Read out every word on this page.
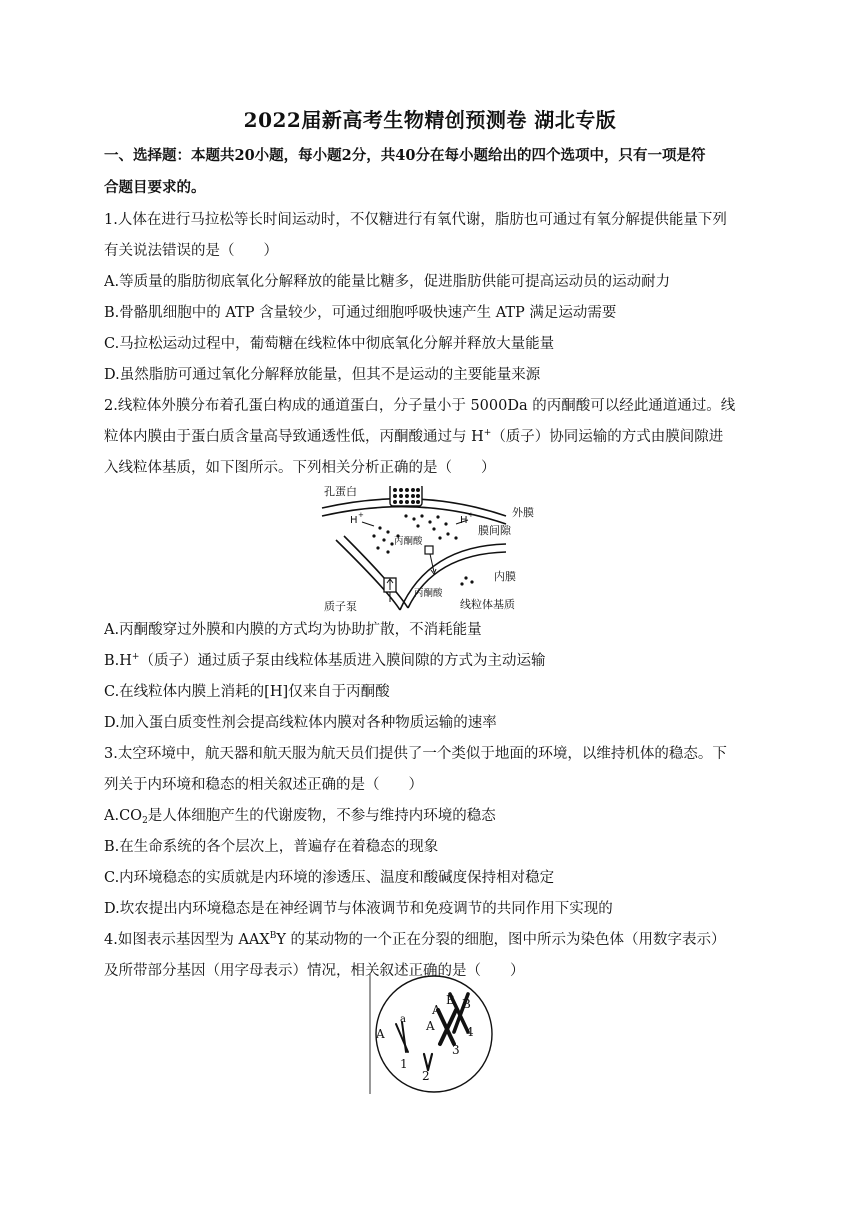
2022届新高考生物精创预测卷 湖北专版
一、选择题：本题共20小题，每小题2分，共40分在每小题给出的四个选项中，只有一项是符
合题目要求的。
1.人体在进行马拉松等长时间运动时，不仅糖进行有氧代谢，脂肪也可通过有氧分解提供能量下列
有关说法错误的是（　　）
A.等质量的脂肪彻底氧化分解释放的能量比糖多，促进脂肪供能可提高运动员的运动耐力
B.骨骼肌细胞中的 ATP 含量较少，可通过细胞呼吸快速产生 ATP 满足运动需要
C.马拉松运动过程中，葡萄糖在线粒体中彻底氧化分解并释放大量能量
D.虽然脂肪可通过氧化分解释放能量，但其不是运动的主要能量来源
2.线粒体外膜分布着孔蛋白构成的通道蛋白，分子量小于 5000Da 的丙酮酸可以经此通道通过。线
粒体内膜由于蛋白质含量高导致通透性低，丙酮酸通过与 H+（质子）协同运输的方式由膜间隙进
入线粒体基质，如下图所示。下列相关分析正确的是（　　）
孔蛋白
外膜
膜间隙
内膜
线粒体基质
质子泵
丙酮酸
丙酮酸
H +	H +
A.丙酮酸穿过外膜和内膜的方式均为协助扩散，不消耗能量
B.H+（质子）通过质子泵由线粒体基质进入膜间隙的方式为主动运输
C.在线粒体内膜上消耗的[H]仅来自于丙酮酸
D.加入蛋白质变性剂会提高线粒体内膜对各种物质运输的速率
3.太空环境中，航天器和航天服为航天员们提供了一个类似于地面的环境，以维持机体的稳态。下
列关于内环境和稳态的相关叙述正确的是（　　）
$A.CO_2$是人体细胞产生的代谢废物，不参与维持内环境的稳态
B.在生命系统的各个层次上，普遍存在着稳态的现象
C.内环境稳态的实质就是内环境的渗透压、温度和酸碱度保持相对稳定
D.坎农提出内环境稳态是在神经调节与体液调节和免疫调节的共同作用下实现的
4.如图表示基因型为 $AAX^BY$ 的某动物的一个正在分裂的细胞，图中所示为染色体（用数字表示）
及所带部分基因（用字母表示）情况，相关叙述正确的是（　　）
A
a A
A
B B
1
2
3
4
